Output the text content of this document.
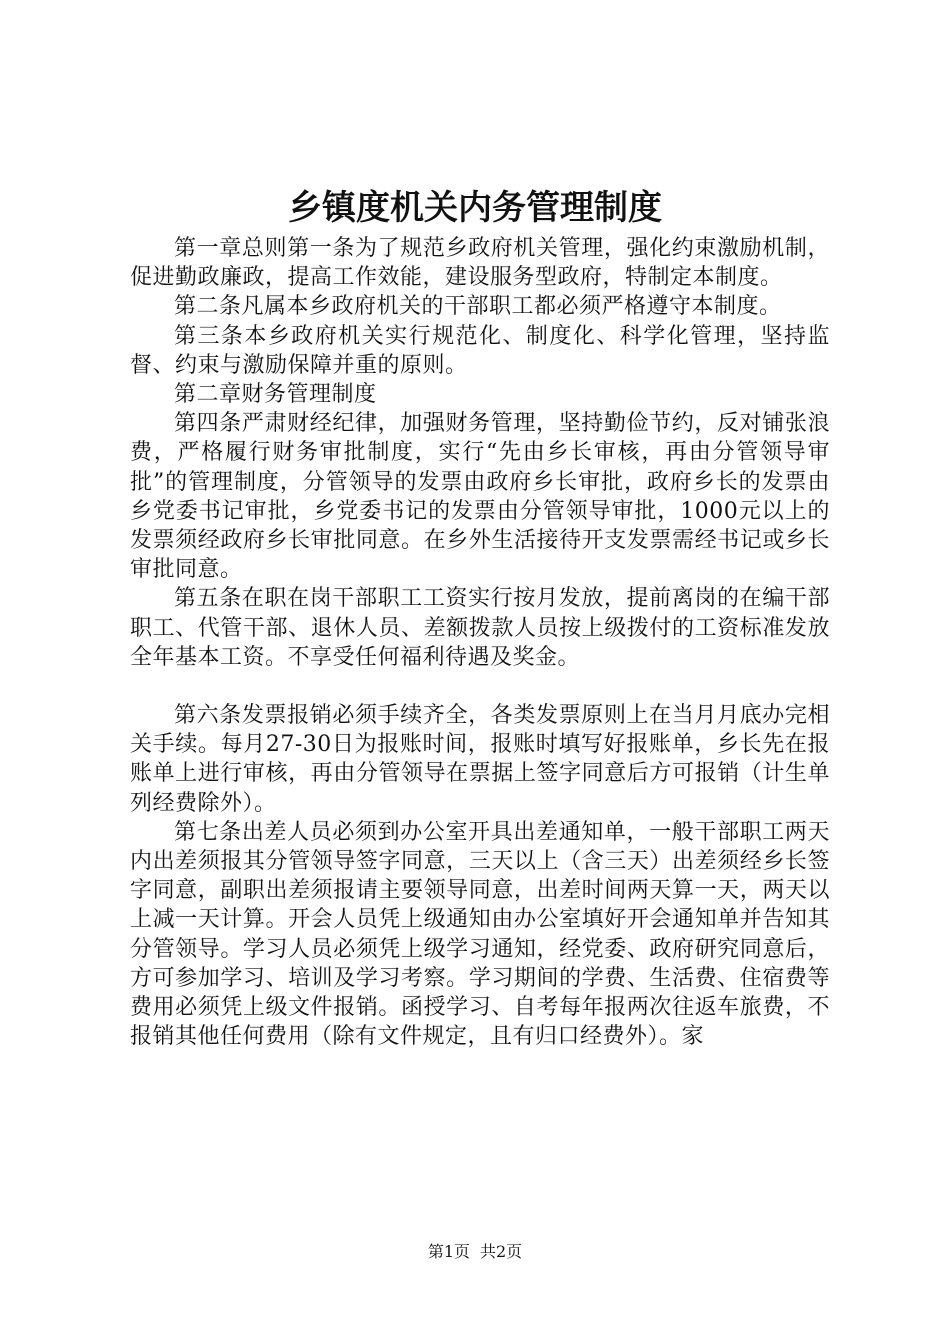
乡镇度机关内务管理制度

第一章总则第一条为了规范乡政府机关管理，强化约束激励机制，促进勤政廉政，提高工作效能，建设服务型政府，特制定本制度。

第二条凡属本乡政府机关的干部职工都必须严格遵守本制度。

第三条本乡政府机关实行规范化、制度化、科学化管理，坚持监督、约束与激励保障并重的原则。

第二章财务管理制度

第四条严肃财经纪律，加强财务管理，坚持勤俭节约，反对铺张浪费，严格履行财务审批制度，实行“先由乡长审核，再由分管领导审批”的管理制度，分管领导的发票由政府乡长审批，政府乡长的发票由乡党委书记审批，乡党委书记的发票由分管领导审批，1000元以上的发票须经政府乡长审批同意。在乡外生活接待开支发票需经书记或乡长审批同意。

第五条在职在岗干部职工工资实行按月发放，提前离岗的在编干部职工、代管干部、退休人员、差额拨款人员按上级拨付的工资标准发放全年基本工资。不享受任何福利待遇及奖金。

第六条发票报销必须手续齐全，各类发票原则上在当月月底办完相关手续。每月27-30日为报账时间，报账时填写好报账单，乡长先在报账单上进行审核，再由分管领导在票据上签字同意后方可报销（计生单列经费除外）。

第七条出差人员必须到办公室开具出差通知单，一般干部职工两天内出差须报其分管领导签字同意，三天以上（含三天）出差须经乡长签字同意，副职出差须报请主要领导同意，出差时间两天算一天，两天以上减一天计算。开会人员凭上级通知由办公室填好开会通知单并告知其分管领导。学习人员必须凭上级学习通知，经党委、政府研究同意后，方可参加学习、培训及学习考察。学习期间的学费、生活费、住宿费等费用必须凭上级文件报销。函授学习、自考每年报两次往返车旅费，不报销其他任何费用（除有文件规定，且有归口经费外）。家

第1页 共2页
